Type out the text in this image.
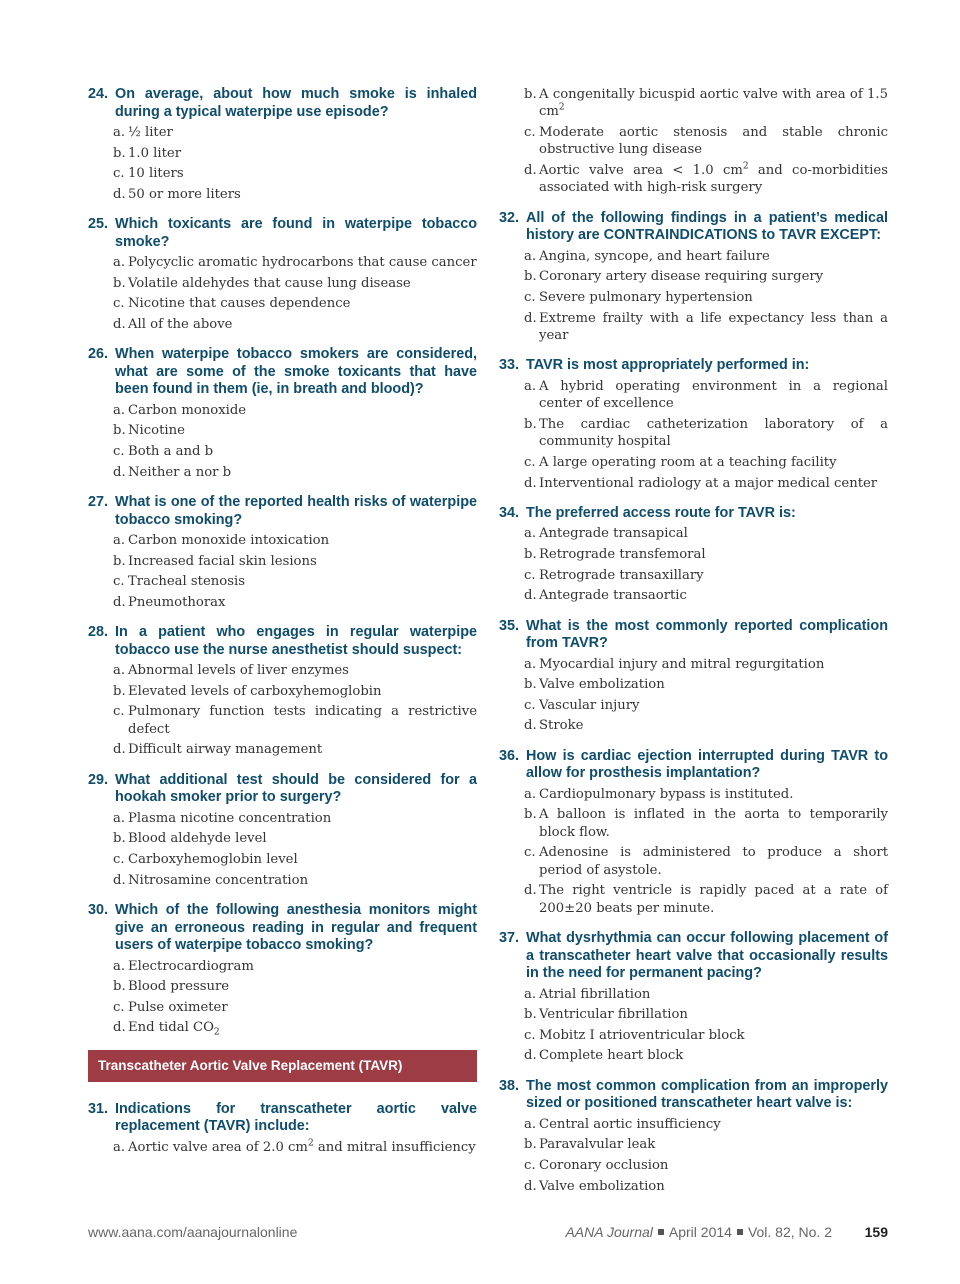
24. On average, about how much smoke is inhaled during a typical waterpipe use episode?
a. ½ liter
b. 1.0 liter
c. 10 liters
d. 50 or more liters
25. Which toxicants are found in waterpipe tobacco smoke?
a. Polycyclic aromatic hydrocarbons that cause cancer
b. Volatile aldehydes that cause lung disease
c. Nicotine that causes dependence
d. All of the above
26. When waterpipe tobacco smokers are considered, what are some of the smoke toxicants that have been found in them (ie, in breath and blood)?
a. Carbon monoxide
b. Nicotine
c. Both a and b
d. Neither a nor b
27. What is one of the reported health risks of waterpipe tobacco smoking?
a. Carbon monoxide intoxication
b. Increased facial skin lesions
c. Tracheal stenosis
d. Pneumothorax
28. In a patient who engages in regular waterpipe tobacco use the nurse anesthetist should suspect:
a. Abnormal levels of liver enzymes
b. Elevated levels of carboxyhemoglobin
c. Pulmonary function tests indicating a restrictive defect
d. Difficult airway management
29. What additional test should be considered for a hookah smoker prior to surgery?
a. Plasma nicotine concentration
b. Blood aldehyde level
c. Carboxyhemoglobin level
d. Nitrosamine concentration
30. Which of the following anesthesia monitors might give an erroneous reading in regular and frequent users of waterpipe tobacco smoking?
a. Electrocardiogram
b. Blood pressure
c. Pulse oximeter
d. End tidal $CO_2$
Transcatheter Aortic Valve Replacement (TAVR)
31. Indications for transcatheter aortic valve replacement (TAVR) include:
a. Aortic valve area of 2.0 $cm^2$ and mitral insufficiency
b. A congenitally bicuspid aortic valve with area of 1.5 $cm^2$
c. Moderate aortic stenosis and stable chronic obstructive lung disease
d. Aortic valve area < 1.0 $cm^2$ and co-morbidities associated with high-risk surgery
32. All of the following findings in a patient’s medical history are CONTRAINDICATIONS to TAVR EXCEPT:
a. Angina, syncope, and heart failure
b. Coronary artery disease requiring surgery
c. Severe pulmonary hypertension
d. Extreme frailty with a life expectancy less than a year
33. TAVR is most appropriately performed in:
a. A hybrid operating environment in a regional center of excellence
b. The cardiac catheterization laboratory of a community hospital
c. A large operating room at a teaching facility
d. Interventional radiology at a major medical center
34. The preferred access route for TAVR is:
a. Antegrade transapical
b. Retrograde transfemoral
c. Retrograde transaxillary
d. Antegrade transaortic
35. What is the most commonly reported complication from TAVR?
a. Myocardial injury and mitral regurgitation
b. Valve embolization
c. Vascular injury
d. Stroke
36. How is cardiac ejection interrupted during TAVR to allow for prosthesis implantation?
a. Cardiopulmonary bypass is instituted.
b. A balloon is inflated in the aorta to temporarily block flow.
c. Adenosine is administered to produce a short period of asystole.
d. The right ventricle is rapidly paced at a rate of 200±20 beats per minute.
37. What dysrhythmia can occur following placement of a transcatheter heart valve that occasionally results in the need for permanent pacing?
a. Atrial fibrillation
b. Ventricular fibrillation
c. Mobitz I atrioventricular block
d. Complete heart block
38. The most common complication from an improperly sized or positioned transcatheter heart valve is:
a. Central aortic insufficiency
b. Paravalvular leak
c. Coronary occlusion
d. Valve embolization
www.aana.com/aanajournalonline	AANA Journal April 2014 Vol. 82, No. 2 159
